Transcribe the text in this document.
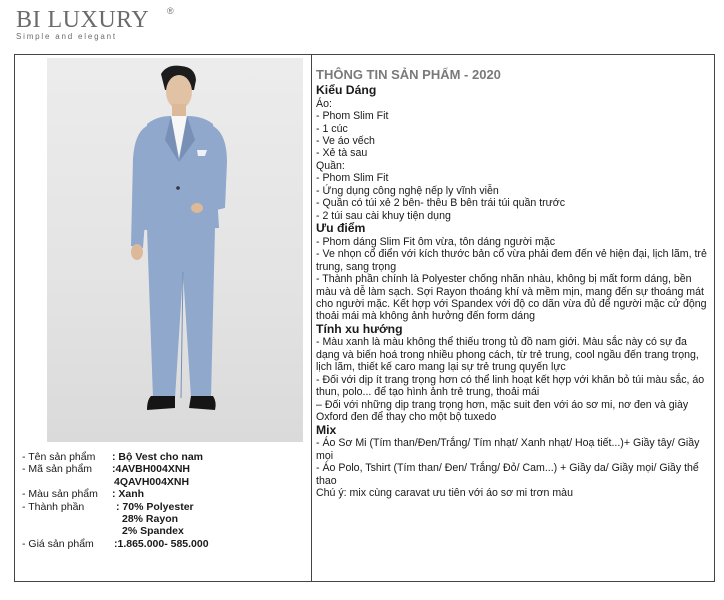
BI LUXURY ®
Simple and elegant
- Tên sản phẩm : Bộ Vest cho nam
- Mã sản phẩm :4AVBH004XNH
4QAVH004XNH
- Màu sản phẩm : Xanh
- Thành phần	: 70% Polyester
28% Rayon
2% Spandex
- Giá sản phẩm :1.865.000- 585.000
THÔNG TIN SẢN PHẨM - 2020
Kiểu Dáng
Áo:
- Phom Slim Fit
- 1 cúc
- Ve áo vếch
- Xẻ tà sau
Quần:
- Phom Slim Fit
- Ứng dụng công nghệ nếp ly vĩnh viễn
- Quần có túi xẻ 2 bên- thêu B bên trái túi quần trước
- 2 túi sau cài khuy tiện dụng
Ưu điểm
- Phom dáng Slim Fit ôm vừa, tôn dáng người mặc
- Ve nhọn cổ điển với kích thước bản cổ vừa phải đem đến vẻ hiện đại, lịch lãm, trẻ trung, sang trọng
- Thành phần chính là Polyester chống nhăn nhàu, không bị mất form dáng, bền màu và dễ làm sạch. Sợi Rayon thoáng khí và mềm mịn, mang đến sự thoáng mát cho người mặc. Kết hợp với Spandex với độ co dãn vừa đủ để người mặc cử động thoải mái mà không ảnh hưởng đến form dáng
Tính xu hướng
- Màu xanh là màu không thể thiếu trong tủ đồ nam giới. Màu sắc này có sự đa dạng và biến hoá trong nhiều phong cách, từ trẻ trung, cool ngầu đến trang trọng, lịch lãm, thiết kế caro mang lại sự trẻ trung quyến lực
- Đối với dịp ít trang trọng hơn có thể linh hoạt kết hợp với khăn bỏ túi màu sắc, áo thun, polo... để tạo hình ảnh trẻ trung, thoải mái
– Đối với những dịp trang trọng hơn, mặc suit đen với áo sơ mi, nơ đen và giày Oxford đen để thay cho một bộ tuxedo
Mix
- Áo Sơ Mi (Tím than/Đen/Trắng/ Tím nhạt/ Xanh nhạt/ Hoạ tiết...)+ Giầy tây/ Giầy mọi
- Áo Polo, Tshirt (Tím than/ Đen/ Trắng/ Đỏ/ Cam...) + Giầy da/ Giầy mọi/ Giầy thể thao
Chú ý: mix cùng caravat ưu tiên với áo sơ mi trơn màu
